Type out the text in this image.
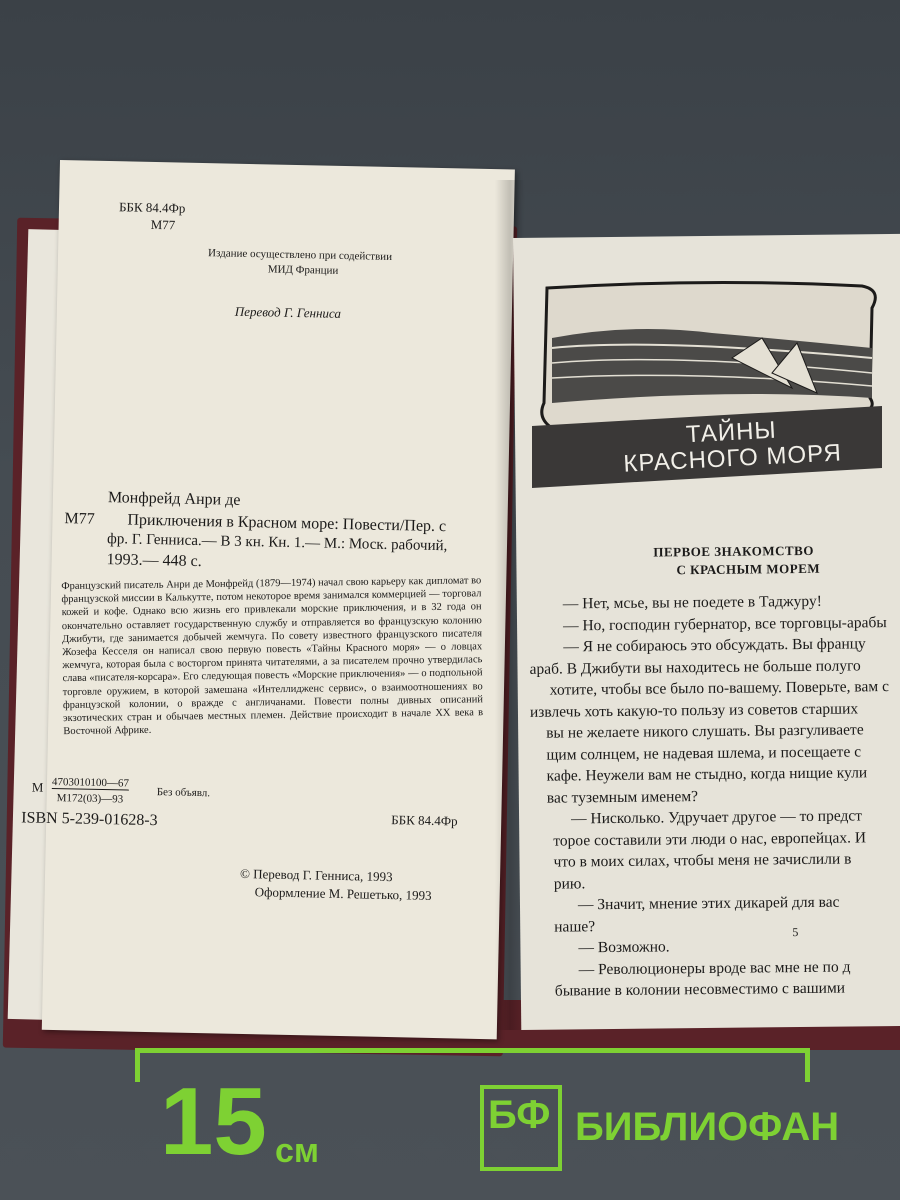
ББК 84.4Фр
М77
Издание осуществлено при содействии
МИД Франции
Перевод Г. Генниса
Монфрейд Анри де
М77 Приключения в Красном море: Повести/Пер. с
фр. Г. Генниса.— В 3 кн. Кн. 1.— М.: Моск. рабочий,
1993.— 448 с.
Французский писатель Анри де Монфрейд (1879—1974) начал свою карьеру как дипломат во французской миссии в Калькутте, потом некоторое время занимался коммерцией — торговал кожей и кофе. Однако всю жизнь его привлекали морские приключения, и в 32 года он окончательно оставляет государственную службу и отправляется во французскую колонию Джибути, где занимается добычей жемчуга. По совету известного французского писателя Жозефа Кесселя он написал свою первую повесть «Тайны Красного моря» — о ловцах жемчуга, которая была с восторгом принята читателями, а за писателем прочно утвердилась слава «писателя-корсара». Его следующая повесть «Морские приключения» — о подпольной торговле оружием, в которой замешана «Интеллидженс сервис», о взаимоотношениях во французской колонии, о вражде с англичанами. Повести полны дивных описаний экзотических стран и обычаев местных племен. Действие происходит в начале XX века в Восточной Африке.
М 4703010100—67
М172(03)—93	Без объявл.
ББК 84.4Фр
ISBN 5-239-01628-3
© Перевод Г. Генниса, 1993
Оформление М. Решетько, 1993
ПЕРВОЕ ЗНАКОМСТВО
С КРАСНЫМ МОРЕМ
— Нет, мсье, вы не поедете в Таджуру!
— Но, господин губернатор, все торговцы-арабы
— Я не собираюсь это обсуждать. Вы францу
араб. В Джибути вы находитесь не больше полуго
хотите, чтобы все было по-вашему. Поверьте, вам с
извлечь хоть какую-то пользу из советов старших
вы не желаете никого слушать. Вы разгуливаете
щим солнцем, не надевая шлема, и посещаете с
кафе. Неужели вам не стыдно, когда нищие кули
вас туземным именем?
— Нисколько. Удручает другое — то предст
торое составили эти люди о нас, европейцах. И
что в моих силах, чтобы меня не зачислили в
рию.
— Значит, мнение этих дикарей для вас
наше?
— Возможно.
— Революционеры вроде вас мне не по д
бывание в колонии несовместимо с вашими
5
ТАЙНЫ
КРАСНОГО МОРЯ
15 см
БФ БИБЛИОФАН
